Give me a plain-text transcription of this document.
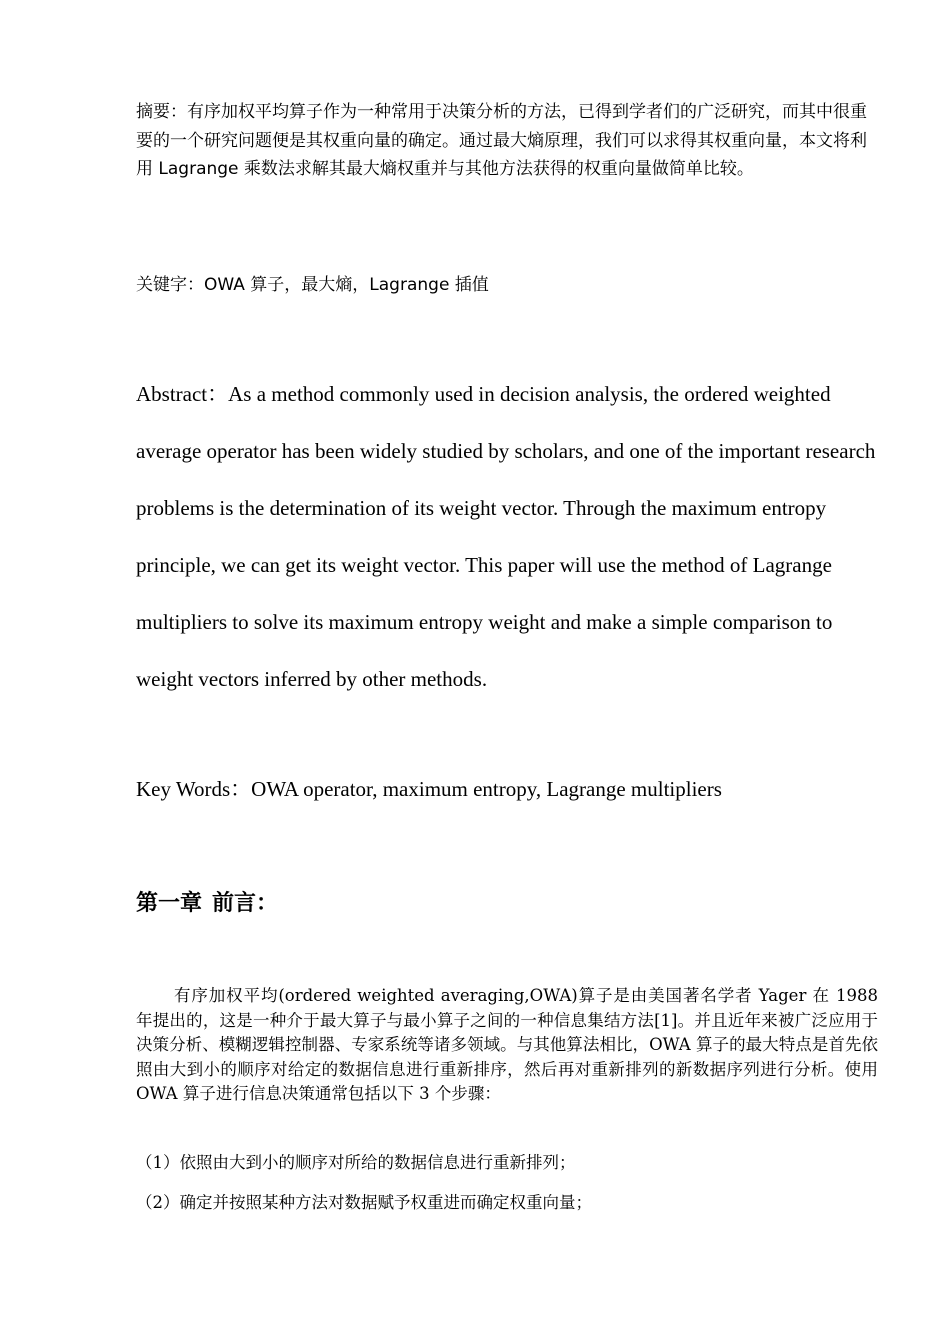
摘要：有序加权平均算子作为一种常用于决策分析的方法，已得到学者们的广泛研究，而其中很重要的一个研究问题便是其权重向量的确定。通过最大熵原理，我们可以求得其权重向量，本文将利用 Lagrange 乘数法求解其最大熵权重并与其他方法获得的权重向量做简单比较。

关键字：OWA 算子，最大熵，Lagrange 插值

Abstract：As a method commonly used in decision analysis, the ordered weighted average operator has been widely studied by scholars, and one of the important research problems is the determination of its weight vector. Through the maximum entropy principle, we can get its weight vector. This paper will use the method of Lagrange multipliers to solve its maximum entropy weight and make a simple comparison to weight vectors inferred by other methods.

Key Words：OWA operator, maximum entropy, Lagrange multipliers

第一章 前言：

有序加权平均(ordered weighted averaging,OWA)算子是由美国著名学者 Yager 在 1988 年提出的，这是一种介于最大算子与最小算子之间的一种信息集结方法[1]。并且近年来被广泛应用于决策分析、模糊逻辑控制器、专家系统等诸多领域。与其他算法相比，OWA 算子的最大特点是首先依照由大到小的顺序对给定的数据信息进行重新排序，然后再对重新排列的新数据序列进行分析。使用 OWA 算子进行信息决策通常包括以下 3 个步骤：

（1）依照由大到小的顺序对所给的数据信息进行重新排列；

（2）确定并按照某种方法对数据赋予权重进而确定权重向量；
